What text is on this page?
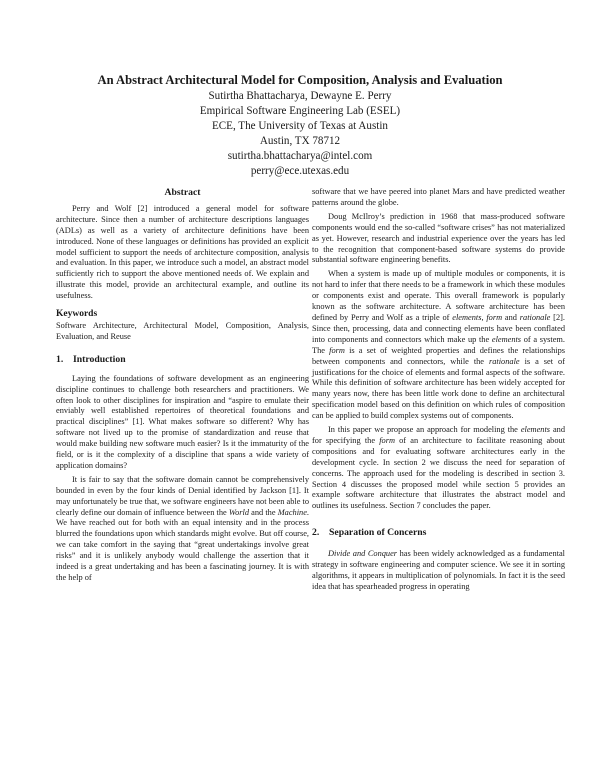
An Abstract Architectural Model for Composition, Analysis and Evaluation
Sutirtha Bhattacharya, Dewayne E. Perry
Empirical Software Engineering Lab (ESEL)
ECE, The University of Texas at Austin
Austin, TX 78712
sutirtha.bhattacharya@intel.com
perry@ece.utexas.edu
Abstract

Perry and Wolf [2] introduced a general model for software architecture. Since then a number of architecture descriptions languages (ADLs) as well as a variety of architecture definitions have been introduced. None of these languages or definitions has provided an explicit model sufficient to support the needs of architecture composition, analysis and evaluation. In this paper, we introduce such a model, an abstract model sufficiently rich to support the above mentioned needs of. We explain and illustrate this model, provide an architectural example, and outline its usefulness.

Keywords

Software Architecture, Architectural Model, Composition, Analysis, Evaluation, and Reuse

1. Introduction

Laying the foundations of software development as an engineering discipline continues to challenge both researchers and practitioners. We often look to other disciplines for inspiration and “aspire to emulate their enviably well established repertoires of theoretical foundations and practical disciplines” [1]. What makes software so different? Why has software not lived up to the promise of standardization and reuse that would make building new software much easier? Is it the immaturity of the field, or is it the complexity of a discipline that spans a wide variety of application domains?

It is fair to say that the software domain cannot be comprehensively bounded in even by the four kinds of Denial identified by Jackson [1]. It may unfortunately be true that, we software engineers have not been able to clearly define our domain of influence between the World and the Machine. We have reached out for both with an equal intensity and in the process blurred the foundations upon which standards might evolve. But off course, we can take comfort in the saying that “great undertakings involve great risks” and it is unlikely anybody would challenge the assertion that it indeed is a great undertaking and has been a fascinating journey. It is with the help of

software that we have peered into planet Mars and have predicted weather patterns around the globe.

Doug McIlroy’s prediction in 1968 that mass-produced software components would end the so-called “software crises” has not materialized as yet. However, research and industrial experience over the years has led to the recognition that component-based software systems do provide substantial software engineering benefits.

When a system is made up of multiple modules or components, it is not hard to infer that there needs to be a framework in which these modules or components exist and operate. This overall framework is popularly known as the software architecture. A software architecture has been defined by Perry and Wolf as a triple of elements, form and rationale [2]. Since then, processing, data and connecting elements have been conflated into components and connectors which make up the elements of a system. The form is a set of weighted properties and defines the relationships between components and connectors, while the rationale is a set of justifications for the choice of elements and formal aspects of the software. While this definition of software architecture has been widely accepted for many years now, there has been little work done to define an architectural specification model based on this definition on which rules of composition can be applied to build complex systems out of components.

In this paper we propose an approach for modeling the elements and for specifying the form of an architecture to facilitate reasoning about compositions and for evaluating software architectures early in the development cycle. In section 2 we discuss the need for separation of concerns. The approach used for the modeling is described in section 3. Section 4 discusses the proposed model while section 5 provides an example software architecture that illustrates the abstract model and outlines its usefulness. Section 7 concludes the paper.

2. Separation of Concerns

Divide and Conquer has been widely acknowledged as a fundamental strategy in software engineering and computer science. We see it in sorting algorithms, it appears in multiplication of polynomials. In fact it is the seed idea that has spearheaded progress in operating
